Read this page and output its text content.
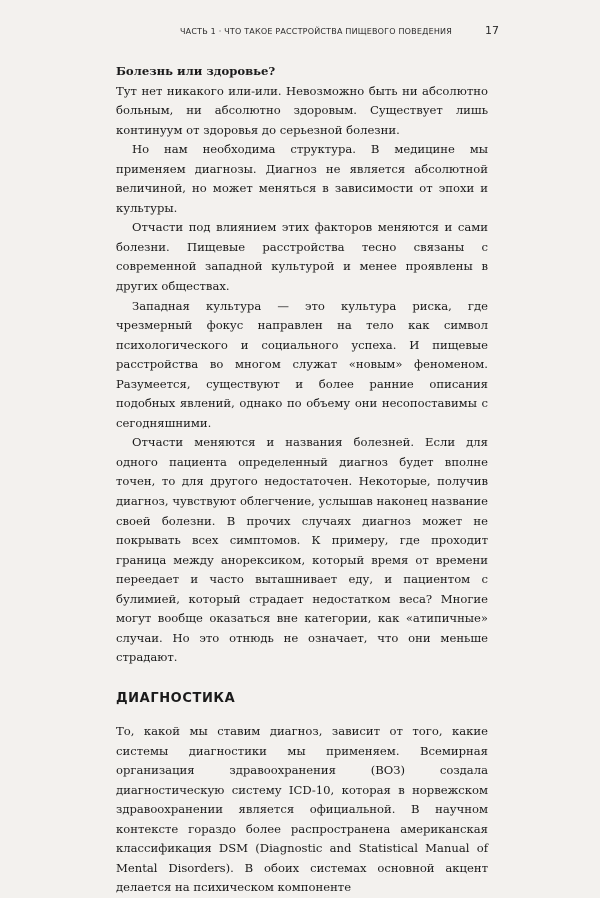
ЧАСТЬ 1 · ЧТО ТАКОЕ РАССТРОЙСТВА ПИЩЕВОГО ПОВЕДЕНИЯ	17
Болезнь или здоровье?

Тут нет никакого или-или. Невозможно быть ни абсолютно больным, ни абсолютно здоровым. Существует лишь континуум от здоровья до серьезной болезни.

Но нам необходима структура. В медицине мы применяем диагнозы. Диагноз не является абсолютной величиной, но может меняться в зависимости от эпохи и культуры.

Отчасти под влиянием этих факторов меняются и сами болезни. Пищевые расстройства тесно связаны с современной западной культурой и менее проявлены в других обществах.

Западная культура — это культура риска, где чрезмерный фокус направлен на тело как символ психологического и социального успеха. И пищевые расстройства во многом служат «новым» феноменом. Разумеется, существуют и более ранние описания подобных явлений, однако по объему они несопоставимы с сегодняшними.

Отчасти меняются и названия болезней. Если для одного пациента определенный диагноз будет вполне точен, то для другого недостаточен. Некоторые, получив диагноз, чувствуют облегчение, услышав наконец название своей болезни. В прочих случаях диагноз может не покрывать всех симптомов. К примеру, где проходит граница между анорексиком, который время от времени переедает и часто выташнивает еду, и пациентом с булимией, который страдает недостатком веса? Многие могут вообще оказаться вне категории, как «атипичные» случаи. Но это отнюдь не означает, что они меньше страдают.

ДИАГНОСТИКА

То, какой мы ставим диагноз, зависит от того, какие системы диагностики мы применяем. Всемирная организация здравоохранения (ВОЗ) создала диагностическую систему ICD-10, которая в норвежском здравоохранении является официальной. В научном контексте гораздо более распространена американская классификация DSM (Diagnostic and Statistical Manual of Mental Disorders). В обоих системах основной акцент делается на психическом компоненте
